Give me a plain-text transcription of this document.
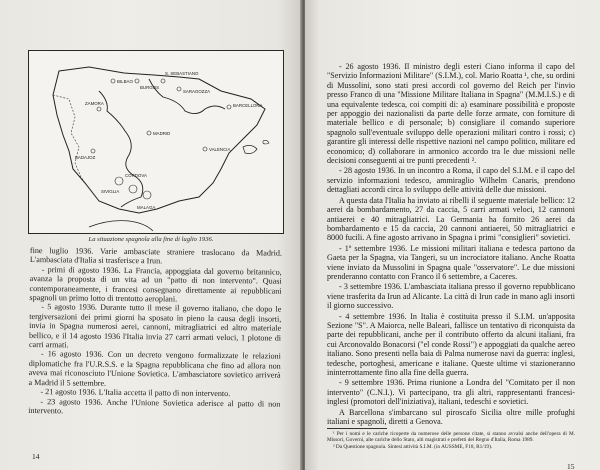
BILBAO
BURGOS
BARCELLONA
MADRID
VALENCIA
BADAJOZ
SIVIGLIA
MALAGA
CORDOVA
S. SEBASTIANO
SARAGOZZA
ZAMORA
La situazione spagnola alla fine di luglio 1936.

fine luglio 1936. Varie ambasciate straniere traslocano da Madrid. L'ambasciata d'Italia si trasferisce a Irun.

- primi di agosto 1936. La Francia, appoggiata dal governo britannico, avanza la proposta di un vita ad un "patto di non intervento". Quasi contemporaneamente, i francesi consegnano direttamente ai repubblicani spagnoli un primo lotto di trentotto aeroplani.

- 5 agosto 1936. Durante tutto il mese il governo italiano, che dopo le tergiversazioni dei primi giorni ha sposato in pieno la causa degli insorti, invia in Spagna numerosi aerei, cannoni, mitragliatrici ed altro materiale bellico, e il 14 agosto 1936 l'Italia invia 27 carri armati veloci, 1 plotone di carri armati.

- 16 agosto 1936. Con un decreto vengono formalizzate le relazioni diplomatiche fra l'U.R.S.S. e la Spagna repubblicana che fino ad allora non aveva mai riconosciuto l'Unione Sovietica. L'ambasciatore sovietico arriverà a Madrid il 5 settembre.

- 21 agosto 1936. L'Italia accetta il patto di non intervento.

- 23 agosto 1936. Anche l'Unione Sovietica aderisce al patto di non intervento.

14

- 26 agosto 1936. Il ministro degli esteri Ciano informa il capo del "Servizio Informazioni Militare" (S.I.M.), col. Mario Roatta ¹, che, su ordini di Mussolini, sono stati presi accordi col governo del Reich per l'invio presso Franco di una "Missione Militare Italiana in Spagna" (M.M.I.S.) e di una equivalente tedesca, coi compiti di: a) esaminare possibilità e proposte per appoggio dei nazionalisti da parte delle forze armate, con forniture di materiale bellico e di personale; b) consigliare il comando superiore spagnolo sull'eventuale sviluppo delle operazioni militari contro i rossi; c) garantire gli interessi delle rispettive nazioni nel campo politico, militare ed economico; d) collaborare in armonico accordo tra le due missioni nelle decisioni conseguenti ai tre punti precedenti ².

- 28 agosto 1936. In un incontro a Roma, il capo del S.I.M. e il capo del servizio informazioni tedesco, ammiraglio Wilhelm Canaris, prendono dettagliati accordi circa lo sviluppo delle attività delle due missioni.

A questa data l'Italia ha inviato ai ribelli il seguente materiale bellico: 12 aerei da bombardamento, 27 da caccia, 5 carri armati veloci, 12 cannoni antiaerei e 40 mitragliatrici. La Germania ha fornito 26 aerei da bombardamento e 15 da caccia, 20 cannoni antiaerei, 50 mitragliatrici e 8000 fucili. A fine agosto arrivano in Spagna i primi "consiglieri" sovietici.

- 1º settembre 1936. Le missioni militari italiana e tedesca partono da Gaeta per la Spagna, via Tangeri, su un incrociatore italiano. Anche Roatta viene inviato da Mussolini in Spagna quale "osservatore". Le due missioni prenderanno contatto con Franco il 6 settembre, a Caceres.

- 3 settembre 1936. L'ambasciata italiana presso il governo repubblicano viene trasferita da Irun ad Alicante. La città di Irun cade in mano agli insorti il giorno successivo.

- 4 settembre 1936. In Italia è costituita presso il S.I.M. un'apposita Sezione "S". A Maiorca, nelle Baleari, fallisce un tentativo di riconquista da parte dei repubblicani, anche per il contributo offerto da alcuni italiani, fra cui Arconovaldo Bonacorsi ("el conde Rossi") e appoggiati da qualche aereo italiano. Sono presenti nella baia di Palma numerose navi da guerra: inglesi, tedesche, portoghesi, americane e italiane. Queste ultime vi stazioneranno ininterrottamente fino alla fine della guerra.

- 9 settembre 1936. Prima riunione a Londra del "Comitato per il non intervento" (C.N.I.). Vi partecipano, tra gli altri, rappresentanti francesi-inglesi (promotori dell'iniziativa), italiani, tedeschi e sovietici.

A Barcellona s'imbarcano sul piroscafo Sicilia oltre mille profughi italiani e spagnoli, diretti a Genova.

¹ Per i nomi e le cariche ricoperte da numerose delle persone citate, si stanno avvalsi anche dell'opera di M. Missori, Governi, alte cariche dello Stato, alti magistrati e prefetti del Regno d'Italia, Roma 1989.

² Da Questione spagnola. Sintesi attività S.I.M. (in AUSSME, F18, R1/19).

15
